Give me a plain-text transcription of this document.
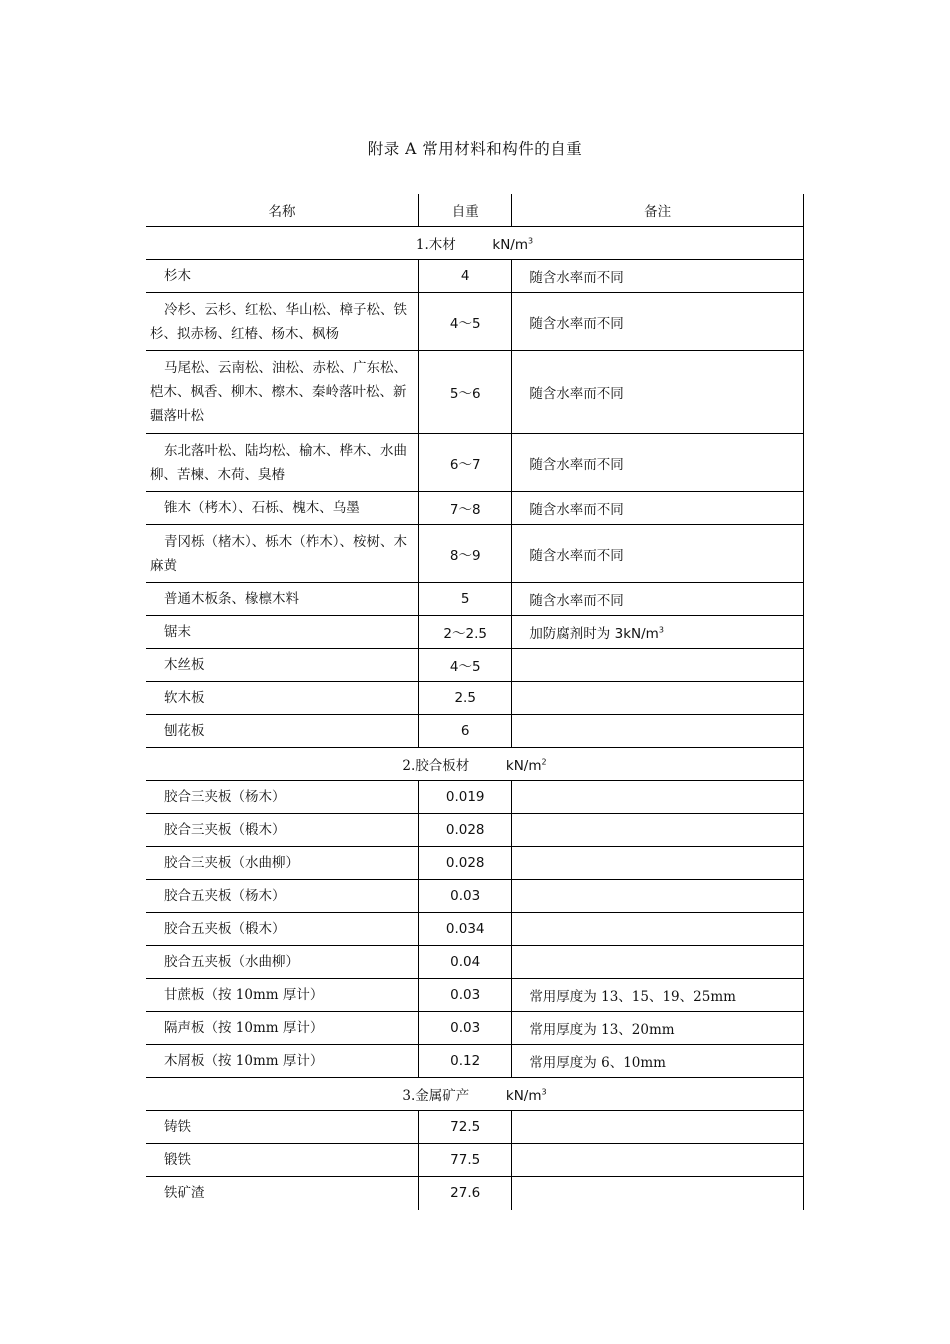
附录 A 常用材料和构件的自重
名称	自重	备注
1.木材 $kN/m^3$
杉木	4	随含水率而不同
冷杉、云杉、红松、华山松、樟子松、铁杉、拟赤杨、红椿、杨木、枫杨	4～5	随含水率而不同
马尾松、云南松、油松、赤松、广东松、桤木、枫香、柳木、檫木、秦岭落叶松、新疆落叶松	5～6	随含水率而不同
东北落叶松、陆均松、榆木、桦木、水曲柳、苦楝、木荷、臭椿	6～7	随含水率而不同
锥木（栲木）、石栎、槐木、乌墨	7～8	随含水率而不同
青冈栎（楮木）、栎木（柞木）、桉树、木麻黄	8～9	随含水率而不同
普通木板条、椽檩木料	5	随含水率而不同
锯末	2～2.5	加防腐剂时为 $3kN/m^3$
木丝板	4～5	
软木板	2.5	
刨花板	6	
2.胶合板材 $kN/m^2$
胶合三夹板（杨木）	0.019	
胶合三夹板（椴木）	0.028	
胶合三夹板（水曲柳）	0.028	
胶合五夹板（杨木）	0.03	
胶合五夹板（椴木）	0.034	
胶合五夹板（水曲柳）	0.04	
甘蔗板（按 10mm 厚计）	0.03	常用厚度为 13、15、19、25mm
隔声板（按 10mm 厚计）	0.03	常用厚度为 13、20mm
木屑板（按 10mm 厚计）	0.12	常用厚度为 6、10mm
3.金属矿产 $kN/m^3$
铸铁	72.5	
锻铁	77.5	
铁矿渣	27.6	
